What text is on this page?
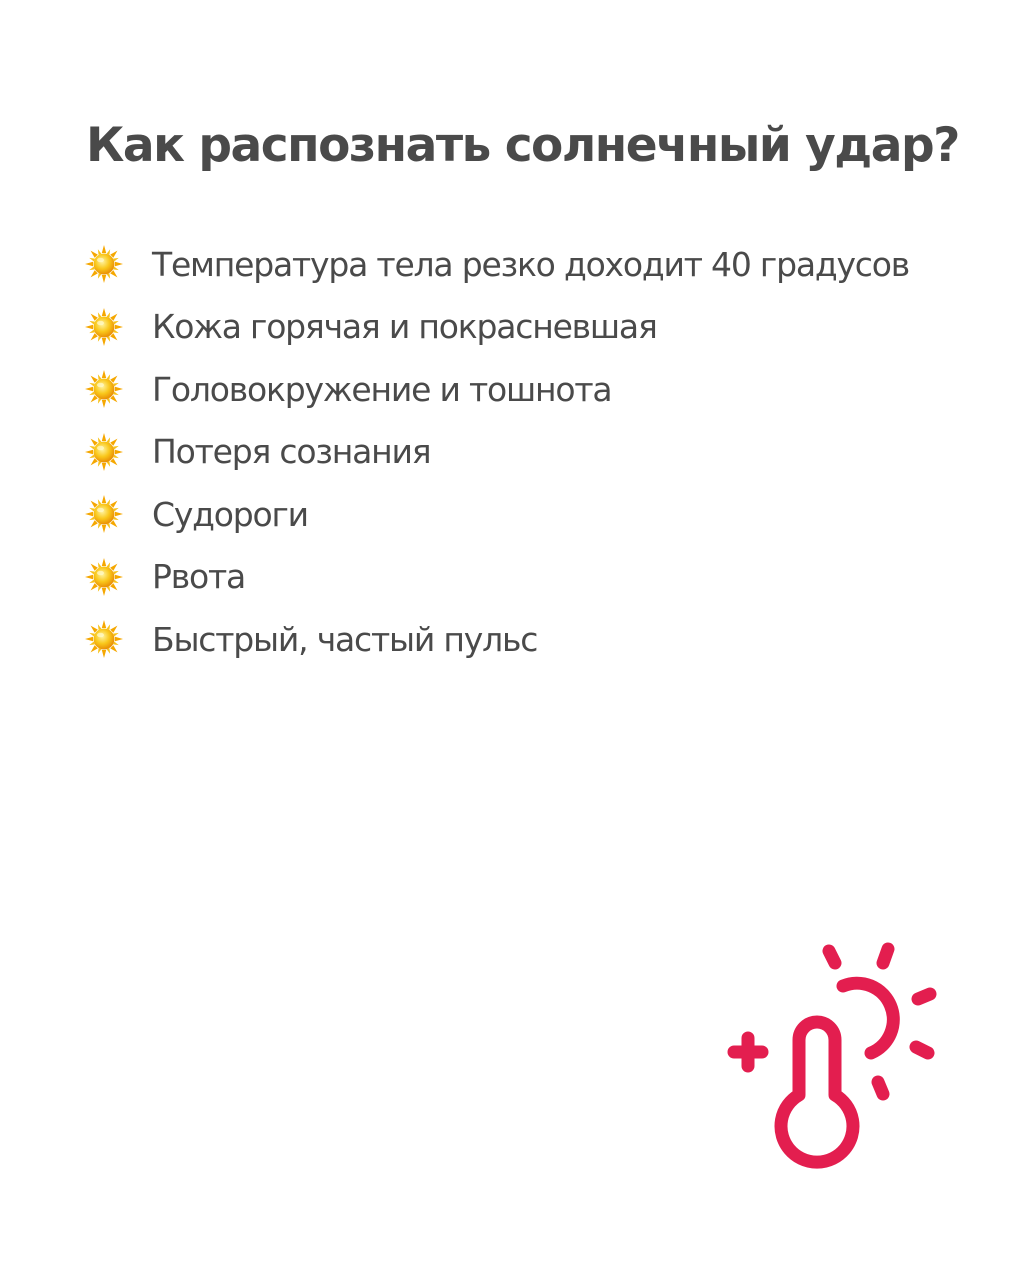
Как распознать солнечный удар?
Температура тела резко доходит 40 градусов
Кожа горячая и покрасневшая
Головокружение и тошнота
Потеря сознания
Судороги
Рвота
Быстрый, частый пульс
